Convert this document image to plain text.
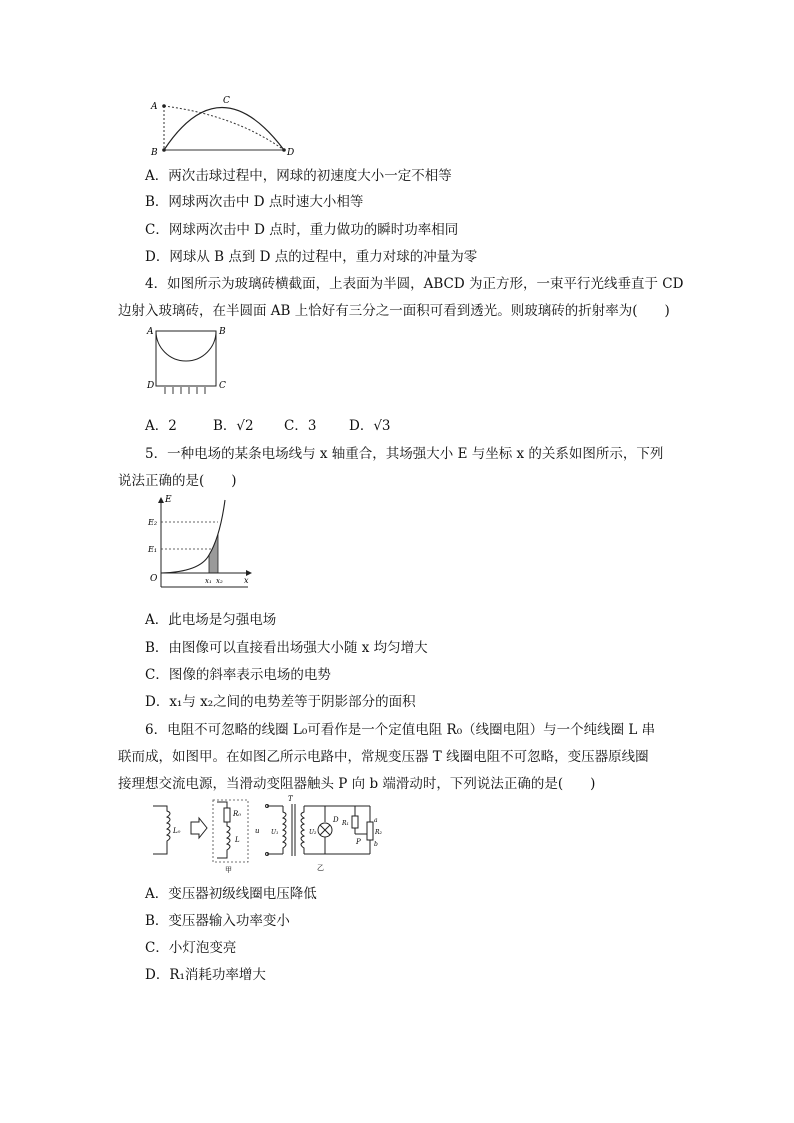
A
B
C
D
A．两次击球过程中，网球的初速度大小一定不相等
B．网球两次击中 D 点时速大小相等
C．网球两次击中 D 点时，重力做功的瞬时功率相同
D．网球从 B 点到 D 点的过程中，重力对球的冲量为零
4．如图所示为玻璃砖横截面，上表面为半圆，ABCD 为正方形，一束平行光线垂直于 CD
边射入玻璃砖，在半圆面 AB 上恰好有三分之一面积可看到透光。则玻璃砖的折射率为(　　)
A	B
D	C
A．2	B．√2 C．3 D．√3
5．一种电场的某条电场线与 x 轴重合，其场强大小 E 与坐标 x 的关系如图所示，下列
说法正确的是(　　)
E
E₂
E₁
O	x₁ x₂	x
A．此电场是匀强电场
B．由图像可以直接看出场强大小随 x 均匀增大
C．图像的斜率表示电场的电势
D．x₁与 x₂之间的电势差等于阴影部分的面积
6．电阻不可忽略的线圈 L₀可看作是一个定值电阻 R₀（线圈电阻）与一个纯线圈 L 串
联而成，如图甲。在如图乙所示电路中，常规变压器 T 线圈电阻不可忽略，变压器原线圈
接理想交流电源，当滑动变阻器触头 P 向 b 端滑动时，下列说法正确的是(　　)
L₀
R₀
L
甲
u U₁
T
U₂
D R₁
P
a
R₂
b
乙
A．变压器初级线圈电压降低
B．变压器输入功率变小
C．小灯泡变亮
D．R₁消耗功率增大
